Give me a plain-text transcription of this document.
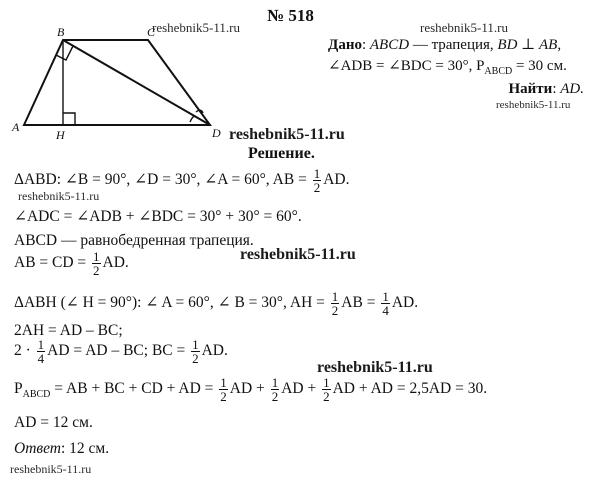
№ 518
A
B	C
D
H
reshebnik5-11.ru	reshebnik5-11.ru
reshebnik5-11.ru
reshebnik5-11.ru
reshebnik5-11.ru
reshebnik5-11.ru
reshebnik5-11.ru
reshebnik5-11.ru
Дано: ABCD — трапеция, BD ⊥ AB,
∠ADB = ∠BDC = 30°, $P_{ABCD} = 30$ см.
Найти: AD.
Решение.
ΔABD: ∠B = 90°, ∠D = 30°, ∠A = 60°, AB = $\frac{1}{2}$ AD.
∠ADC = ∠ADB + ∠BDC = 30° + 30° = 60°.
ABCD — равнобедренная трапеция.
AB = CD = $\frac{1}{2}$ AD.
ΔABH (∠ H = 90°): ∠ A = 60°, ∠ B = 30°, AH = $\frac{1}{2}$ AB = $\frac{1}{4}$ AD.
2AH = AD – BC;
$2 \cdot \frac{1}{4}$ AD = AD – BC; BC = $\frac{1}{2}$ AD.
$P_{ABCD}$ = AB + BC + CD + AD = $\frac{1}{2}$ AD + $\frac{1}{2}$ AD + $\frac{1}{2}$ AD + AD = 2,5AD = 30.
AD = 12 см.
Ответ: 12 см.
